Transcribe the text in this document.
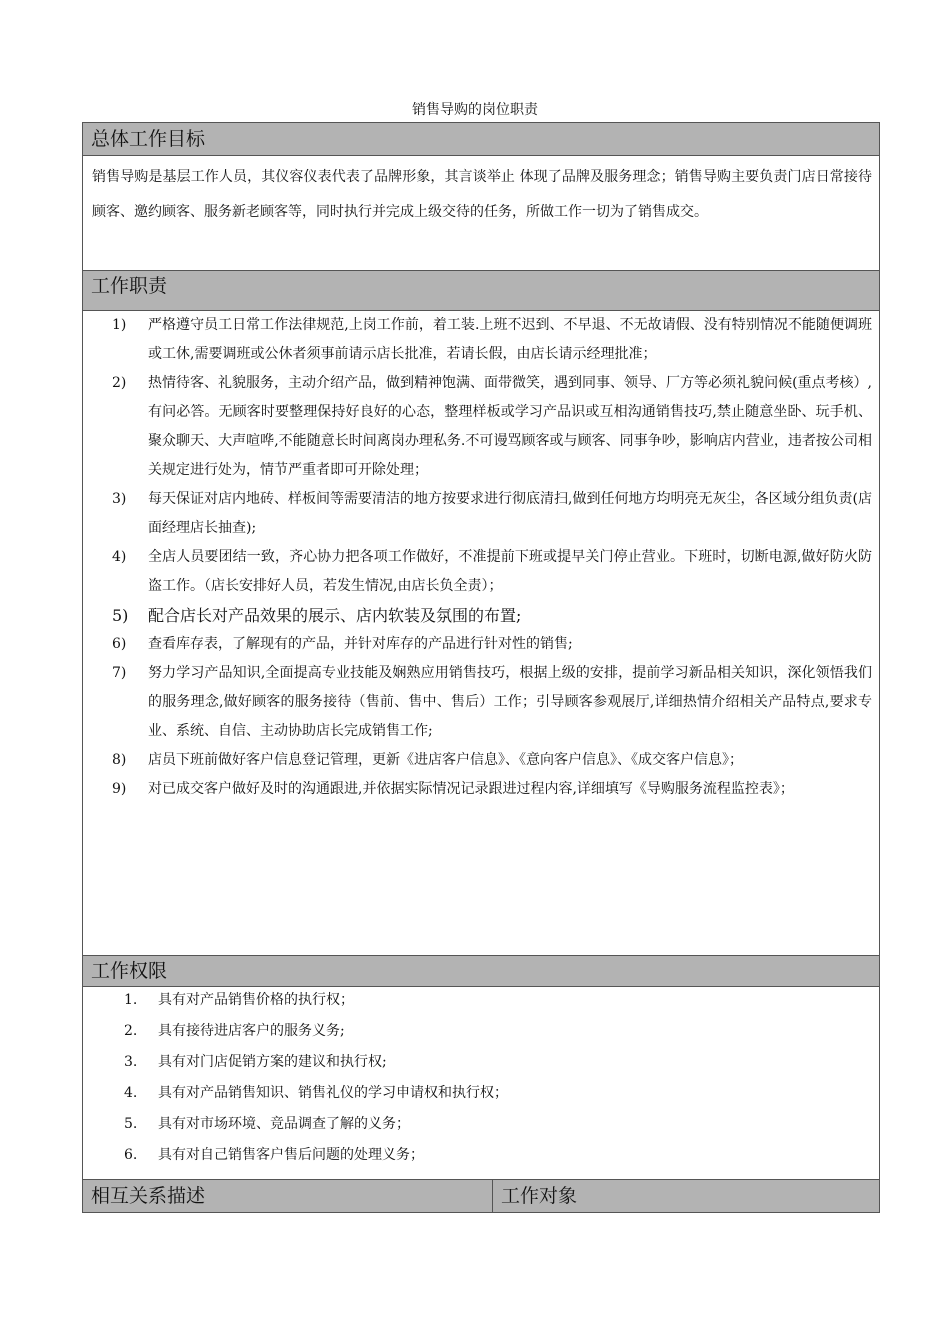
销售导购的岗位职责
总体工作目标
销售导购是基层工作人员，其仪容仪表代表了品牌形象，其言谈举止 体现了品牌及服务理念；销售导购主要负责门店日常接待顾客、邀约顾客、服务新老顾客等，同时执行并完成上级交待的任务，所做工作一切为了销售成交。
工作职责
1)	严格遵守员工日常工作法律规范,上岗工作前，着工装.上班不迟到、不早退、不无故请假、没有特别情况不能随便调班或工休,需要调班或公休者须事前请示店长批准，若请长假，由店长请示经理批准；
2)	热情待客、礼貌服务，主动介绍产品，做到精神饱满、面带微笑，遇到同事、领导、厂方等必须礼貌问候(重点考核）,有问必答。无顾客时要整理保持好良好的心态，整理样板或学习产品识或互相沟通销售技巧,禁止随意坐卧、玩手机、聚众聊天、大声喧哗,不能随意长时间离岗办理私务.不可谩骂顾客或与顾客、同事争吵，影响店内营业，违者按公司相关规定进行处为，情节严重者即可开除处理；
3)	每天保证对店内地砖、样板间等需要清洁的地方按要求进行彻底清扫,做到任何地方均明亮无灰尘，各区域分组负责(店面经理店长抽查);
4)	全店人员要团结一致，齐心协力把各项工作做好，不准提前下班或提早关门停止营业。下班时，切断电源,做好防火防盗工作。（店长安排好人员，若发生情况,由店长负全责）；
5)	配合店长对产品效果的展示、店内软装及氛围的布置;
6)	查看库存表，了解现有的产品，并针对库存的产品进行针对性的销售;
7)	努力学习产品知识,全面提高专业技能及娴熟应用销售技巧，根据上级的安排，提前学习新品相关知识，深化领悟我们的服务理念,做好顾客的服务接待（售前、售中、售后）工作；引导顾客参观展厅,详细热情介绍相关产品特点,要求专业、系统、自信、主动协助店长完成销售工作;
8)	店员下班前做好客户信息登记管理，更新《进店客户信息》、《意向客户信息》、《成交客户信息》；
9)	对已成交客户做好及时的沟通跟进,并依据实际情况记录跟进过程内容,详细填写《导购服务流程监控表》；
工作权限
1.	具有对产品销售价格的执行权；
2.	具有接待进店客户的服务义务;
3.	具有对门店促销方案的建议和执行权;
4.	具有对产品销售知识、销售礼仪的学习申请权和执行权；
5.	具有对市场环境、竞品调查了解的义务；
6.	具有对自己销售客户售后问题的处理义务；
相互关系描述	工作对象
